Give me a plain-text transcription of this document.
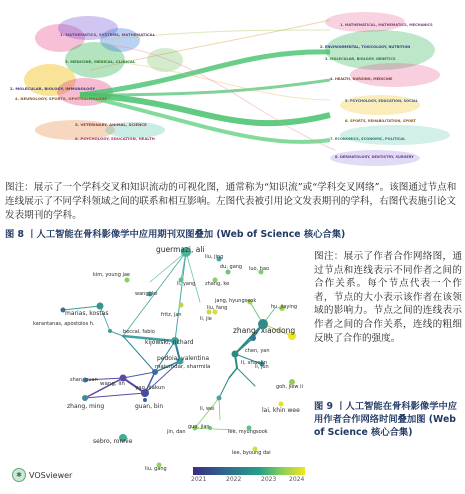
1. MATHEMATICS, SYSTEMS, MATHEMATICAL
2. MOLECULAR, BIOLOGY, IMMUNOLOGY
3. MEDICINE, MEDICAL, CLINICAL
4. NEUROLOGY, SPORTS, OPHTHALMOLOGY
5. VETERINARY, ANIMAL, SCIENCE
6. PSYCHOLOGY, EDUCATION, HEALTH
1. MATHEMATICAL, MATHEMATICS, MECHANICS
2. ENVIRONMENTAL, TOXICOLOGY, NUTRITION
3. MOLECULAR, BIOLOGY, GENETICS
4. HEALTH, NURSING, MEDICINE
5. PSYCHOLOGY, EDUCATION, SOCIAL
6. SPORTS, REHABILITATION, SPORT
7. ECONOMICS, ECONOMIC, POLITICAL
8. DERMATOLOGY, DENTISTRY, SURGERY
图注：展示了一个学科交叉和知识流动的可视化图，通常称为“知识流”或“学科交叉网络”。该图通过节点和连线展示了不同学科领域之间的联系和相互影响。左图代表被引用论文发表期刊的学科，右图代表施引论文发表期刊的学科。
图 8 丨人工智能在骨科影像学中应用期刊双图叠加 (Web of Science 核心合集)
guermazi, ali
liu, jing
du, gang luo, hao
kim, young jae
li, yang
wang, lei
zhang, ke
fritz, jan
jang, hyungseok
liu, fang	hu, jiaying
marias, kostas
li, jie
zhang, xiaodong
karantanas, apostolos h.
beccal, fabio
kijowski, richard
chen, yan
li, shaolin
pedoia, valentina
li, jun
wang, lin
majumdar, sharmila
yao, jiakun
zhang, ming	guan, bin
shan, guan
goh, jiew ii
lai, khin wee
jin, dan
li, wei
lee, myungsook
sebro, ronnie
guo, jian
lee, byoung dai
liu, gang
✱ VOSviewer	2021	2022	2023 2024
图注：展示了作者合作网络图，通过节点和连线表示不同作者之间的合作关系。每个节点代表一个作者，节点的大小表示该作者在该领域的影响力。节点之间的连线表示作者之间的合作关系，连线的粗细反映了合作的强度。
图 9 丨人工智能在骨科影像学中应用作者合作网络时间叠加图 (Web of Science 核心合集)
